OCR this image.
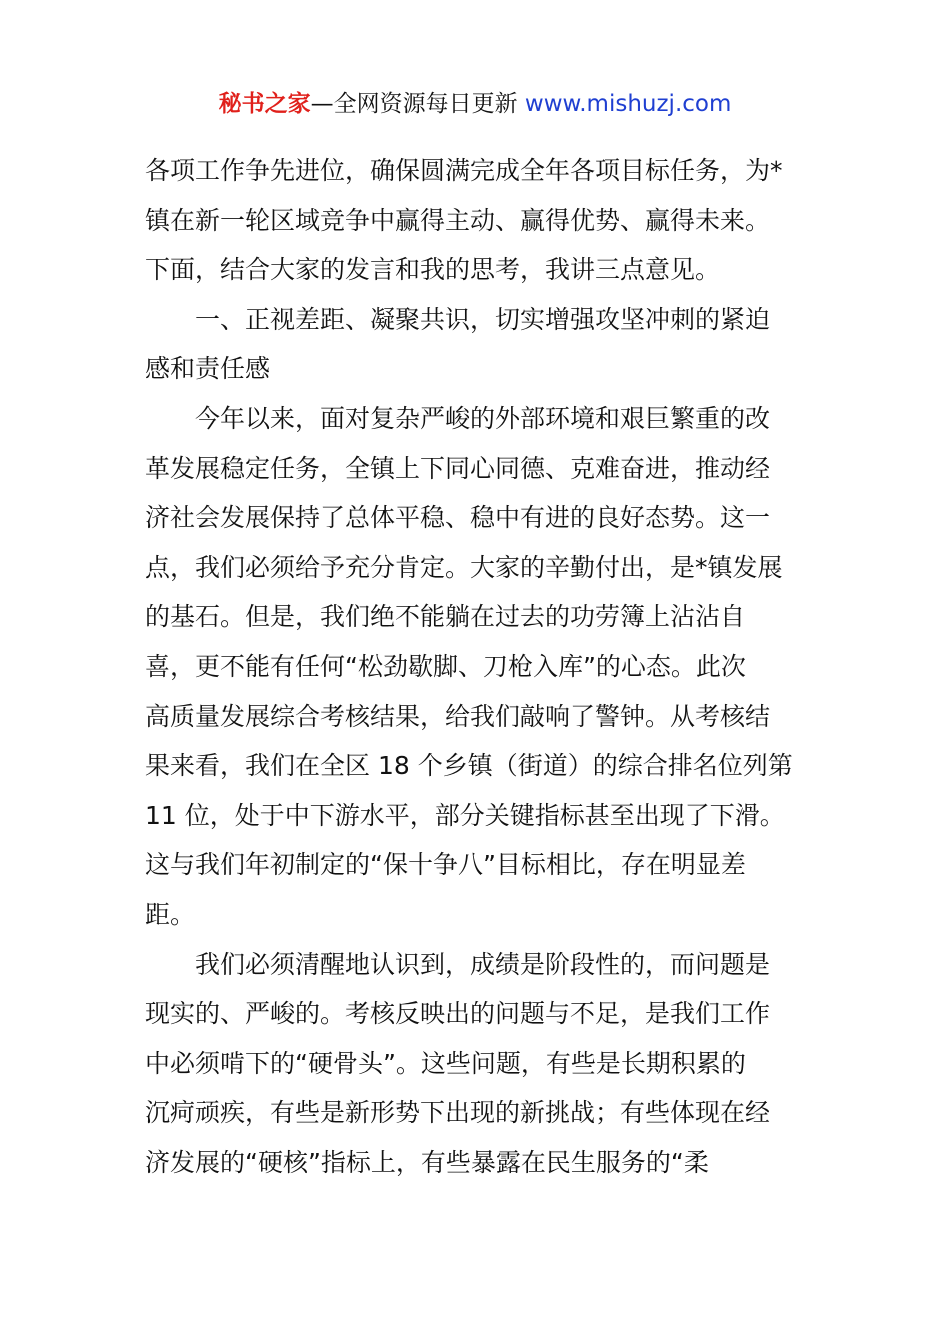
秘书之家—全网资源每日更新 www.mishuzj.com
各项工作争先进位，确保圆满完成全年各项目标任务，为*
镇在新一轮区域竞争中赢得主动、赢得优势、赢得未来。
下面，结合大家的发言和我的思考，我讲三点意见。
一、正视差距、凝聚共识，切实增强攻坚冲刺的紧迫
感和责任感
今年以来，面对复杂严峻的外部环境和艰巨繁重的改
革发展稳定任务，全镇上下同心同德、克难奋进，推动经
济社会发展保持了总体平稳、稳中有进的良好态势。这一
点，我们必须给予充分肯定。大家的辛勤付出，是*镇发展
的基石。但是，我们绝不能躺在过去的功劳簿上沾沾自
喜，更不能有任何“松劲歇脚、刀枪入库”的心态。此次
高质量发展综合考核结果，给我们敲响了警钟。从考核结
果来看，我们在全区 18 个乡镇（街道）的综合排名位列第
11 位，处于中下游水平，部分关键指标甚至出现了下滑。
这与我们年初制定的“保十争八”目标相比，存在明显差
距。
我们必须清醒地认识到，成绩是阶段性的，而问题是
现实的、严峻的。考核反映出的问题与不足，是我们工作
中必须啃下的“硬骨头”。这些问题，有些是长期积累的
沉疴顽疾，有些是新形势下出现的新挑战；有些体现在经
济发展的“硬核”指标上，有些暴露在民生服务的“柔
